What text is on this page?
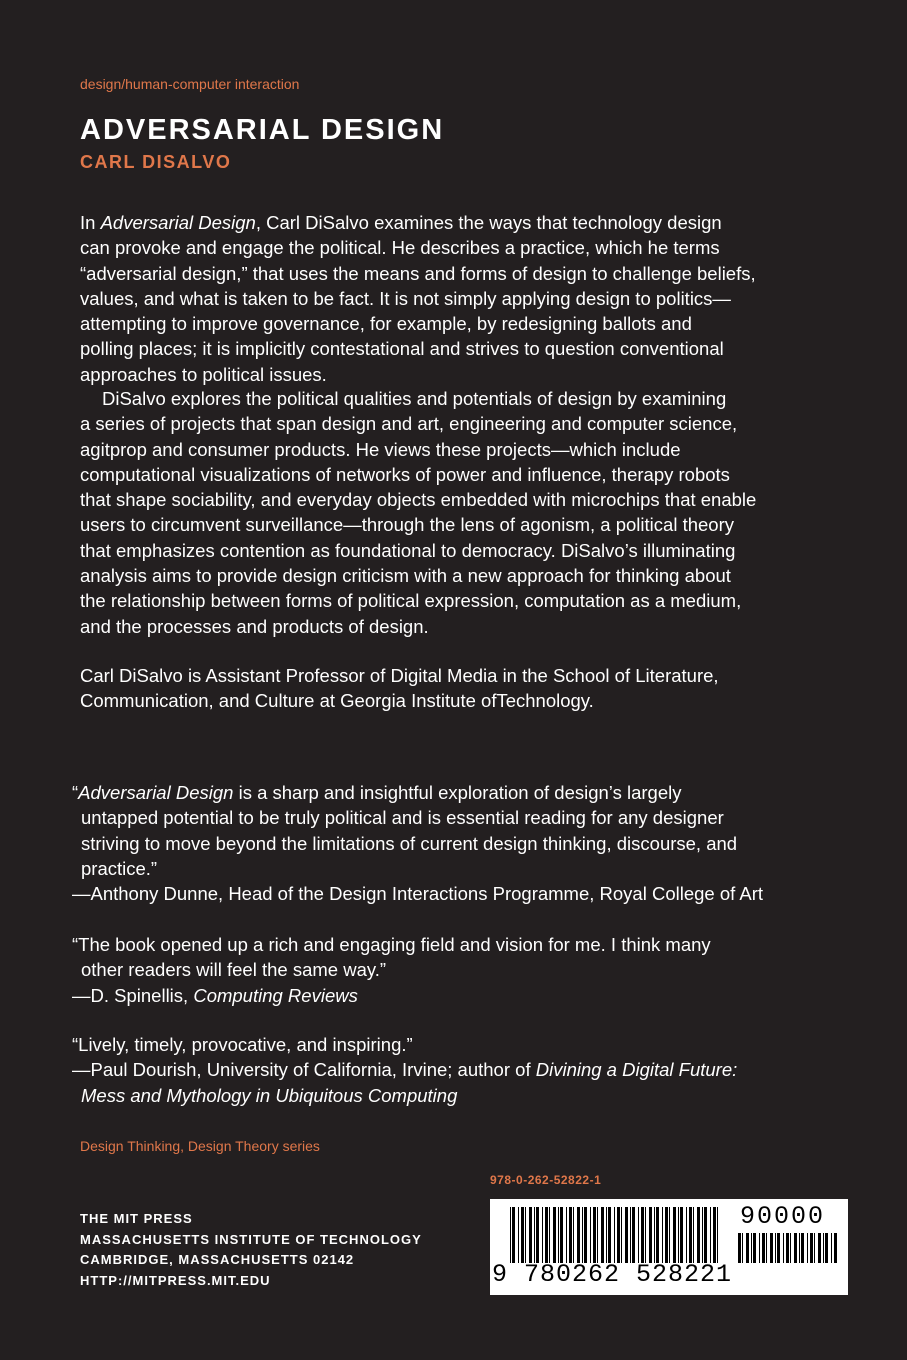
design/human-computer interaction
ADVERSARIAL DESIGN
CARL DISALVO
In Adversarial Design, Carl DiSalvo examines the ways that technology design
can provoke and engage the political. He describes a practice, which he terms
“adversarial design,” that uses the means and forms of design to challenge beliefs,
values, and what is taken to be fact. It is not simply applying design to politics—
attempting to improve governance, for example, by redesigning ballots and
polling places; it is implicitly contestational and strives to question conventional
approaches to political issues.
DiSalvo explores the political qualities and potentials of design by examining
a series of projects that span design and art, engineering and computer science,
agitprop and consumer products. He views these projects—which include
computational visualizations of networks of power and influence, therapy robots
that shape sociability, and everyday objects embedded with microchips that enable
users to circumvent surveillance—through the lens of agonism, a political theory
that emphasizes contention as foundational to democracy. DiSalvo’s illuminating
analysis aims to provide design criticism with a new approach for thinking about
the relationship between forms of political expression, computation as a medium,
and the processes and products of design.
Carl DiSalvo is Assistant Professor of Digital Media in the School of Literature,
Communication, and Culture at Georgia Institute ofTechnology.
“Adversarial Design is a sharp and insightful exploration of design’s largely
untapped potential to be truly political and is essential reading for any designer
striving to move beyond the limitations of current design thinking, discourse, and
practice.”
—Anthony Dunne, Head of the Design Interactions Programme, Royal College of Art
“The book opened up a rich and engaging field and vision for me. I think many
other readers will feel the same way.”
—D. Spinellis, Computing Reviews
“Lively, timely, provocative, and inspiring.”
—Paul Dourish, University of California, Irvine; author of Divining a Digital Future:
Mess and Mythology in Ubiquitous Computing
Design Thinking, Design Theory series
978-0-262-52822-1
THE MIT PRESS
MASSACHUSETTS INSTITUTE OF TECHNOLOGY
CAMBRIDGE, MASSACHUSETTS 02142
HTTP://MITPRESS.MIT.EDU	9 780262 528221
90000
